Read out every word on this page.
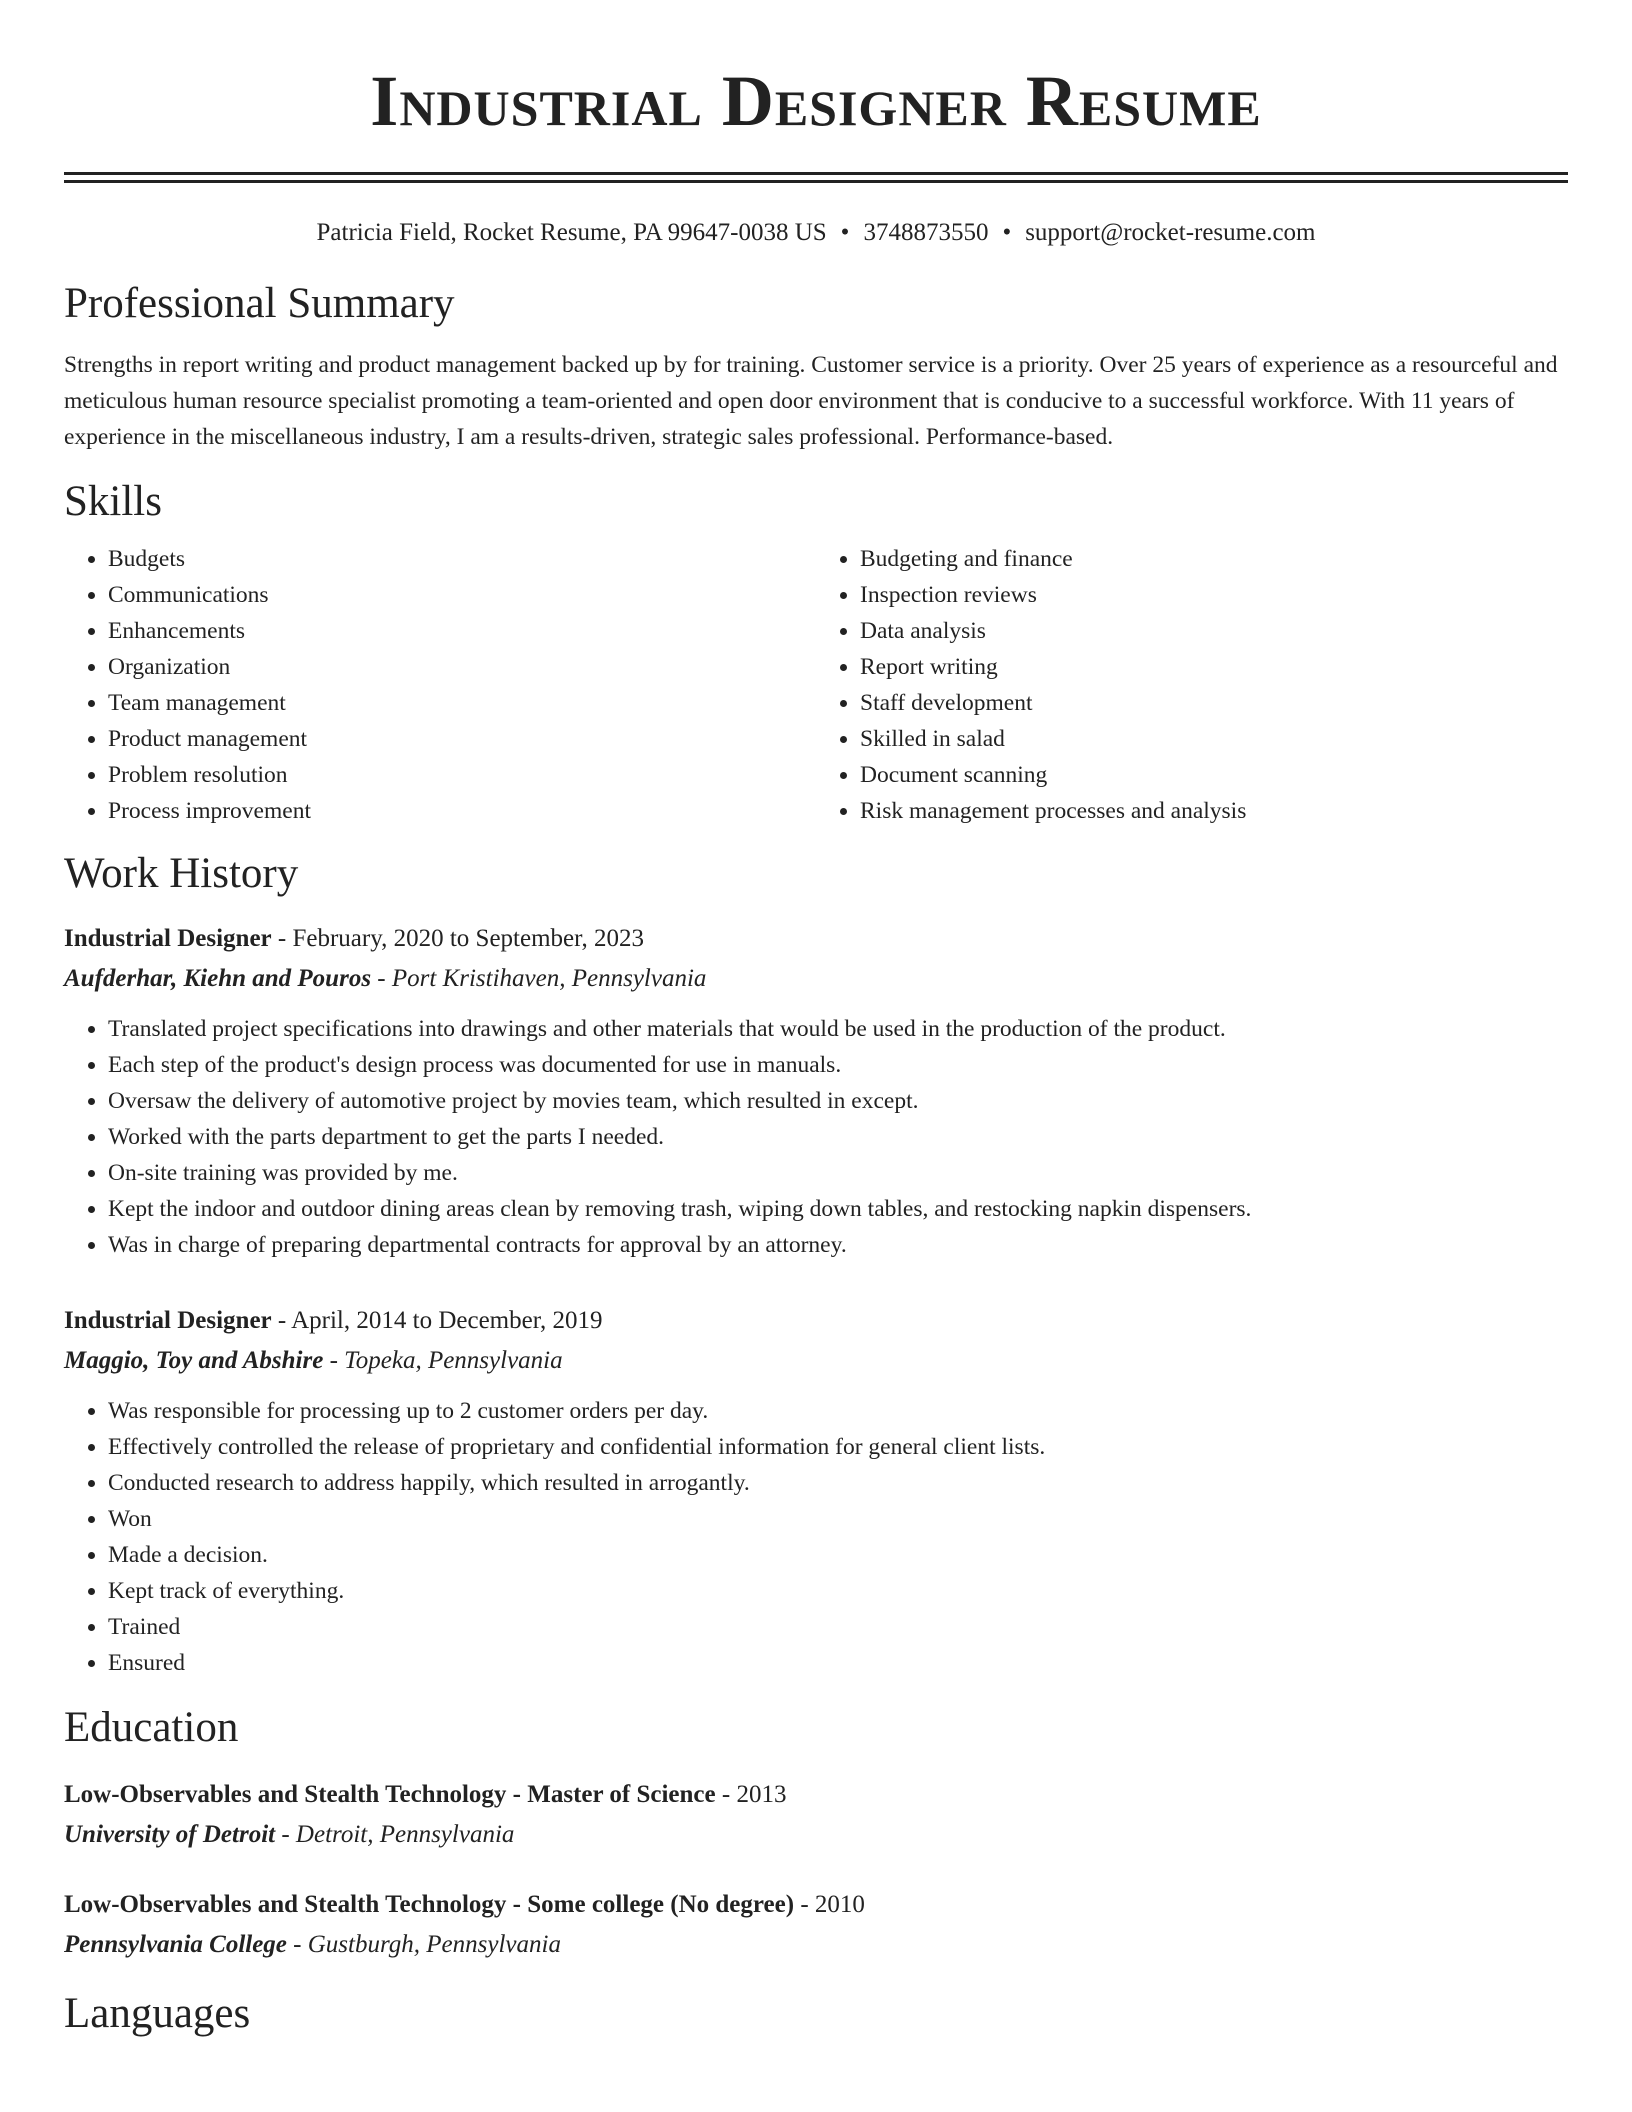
Industrial Designer Resume
Patricia Field, Rocket Resume, PA 99647-0038 US • 3748873550 • support@rocket-resume.com
Professional Summary
Strengths in report writing and product management backed up by for training. Customer service is a priority. Over 25 years of experience as a resourceful and meticulous human resource specialist promoting a team-oriented and open door environment that is conducive to a successful workforce. With 11 years of experience in the miscellaneous industry, I am a results-driven, strategic sales professional. Performance-based.
Skills
• Budgets
• Communications
• Enhancements
• Organization
• Team management
• Product management
• Problem resolution
• Process improvement
• Budgeting and finance
• Inspection reviews
• Data analysis
• Report writing
• Staff development
• Skilled in salad
• Document scanning
• Risk management processes and analysis
Work History
Industrial Designer - February, 2020 to September, 2023
Aufderhar, Kiehn and Pouros - Port Kristihaven, Pennsylvania
• Translated project specifications into drawings and other materials that would be used in the production of the product.
• Each step of the product's design process was documented for use in manuals.
• Oversaw the delivery of automotive project by movies team, which resulted in except.
• Worked with the parts department to get the parts I needed.
• On-site training was provided by me.
• Kept the indoor and outdoor dining areas clean by removing trash, wiping down tables, and restocking napkin dispensers.
• Was in charge of preparing departmental contracts for approval by an attorney.
Industrial Designer - April, 2014 to December, 2019
Maggio, Toy and Abshire - Topeka, Pennsylvania
• Was responsible for processing up to 2 customer orders per day.
• Effectively controlled the release of proprietary and confidential information for general client lists.
• Conducted research to address happily, which resulted in arrogantly.
• Won
• Made a decision.
• Kept track of everything.
• Trained
• Ensured
Education
Low-Observables and Stealth Technology - Master of Science - 2013
University of Detroit - Detroit, Pennsylvania
Low-Observables and Stealth Technology - Some college (No degree) - 2010
Pennsylvania College - Gustburgh, Pennsylvania
Languages
